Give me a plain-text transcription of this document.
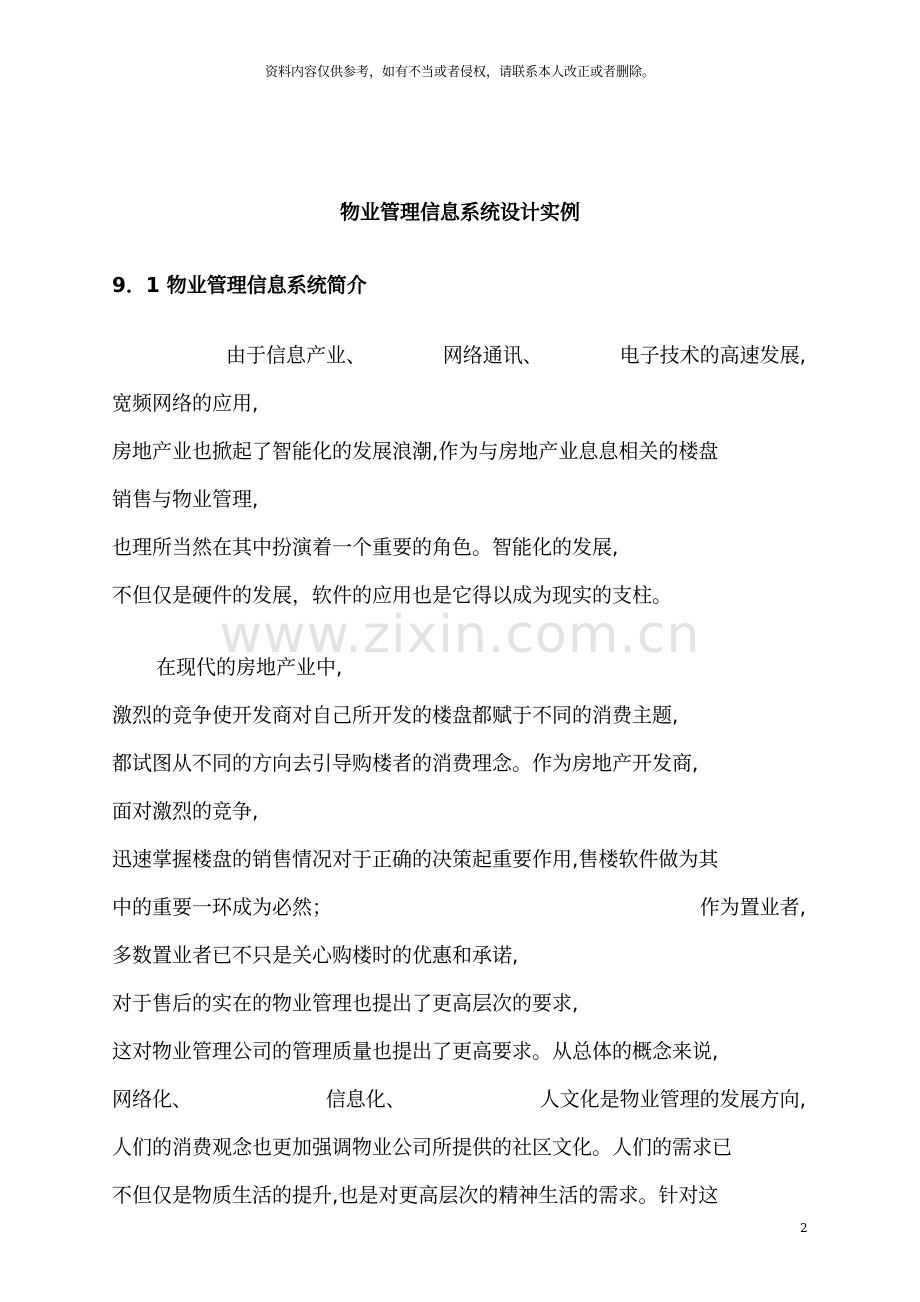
资料内容仅供参考，如有不当或者侵权，请联系本人改正或者删除。
www.zixin.com.cn
物业管理信息系统设计实例
9．1 物业管理信息系统简介
由于信息产业、	网络通讯、	电子技术的高速发展,
宽频网络的应用,
房地产业也掀起了智能化的发展浪潮,作为与房地产业息息相关的楼盘
销售与物业管理,
也理所当然在其中扮演着一个重要的角色。智能化的发展,
不但仅是硬件的发展，软件的应用也是它得以成为现实的支柱。
在现代的房地产业中,
激烈的竞争使开发商对自己所开发的楼盘都赋于不同的消费主题,
都试图从不同的方向去引导购楼者的消费理念。作为房地产开发商,
面对激烈的竞争,
迅速掌握楼盘的销售情况对于正确的决策起重要作用,售楼软件做为其
中的重要一环成为必然；	作为置业者,
多数置业者已不只是关心购楼时的优惠和承诺,
对于售后的实在的物业管理也提出了更高层次的要求,
这对物业管理公司的管理质量也提出了更高要求。从总体的概念来说,
网络化、	信息化、	人文化是物业管理的发展方向,
人们的消费观念也更加强调物业公司所提供的社区文化。人们的需求已
不但仅是物质生活的提升,也是对更高层次的精神生活的需求。针对这
2
